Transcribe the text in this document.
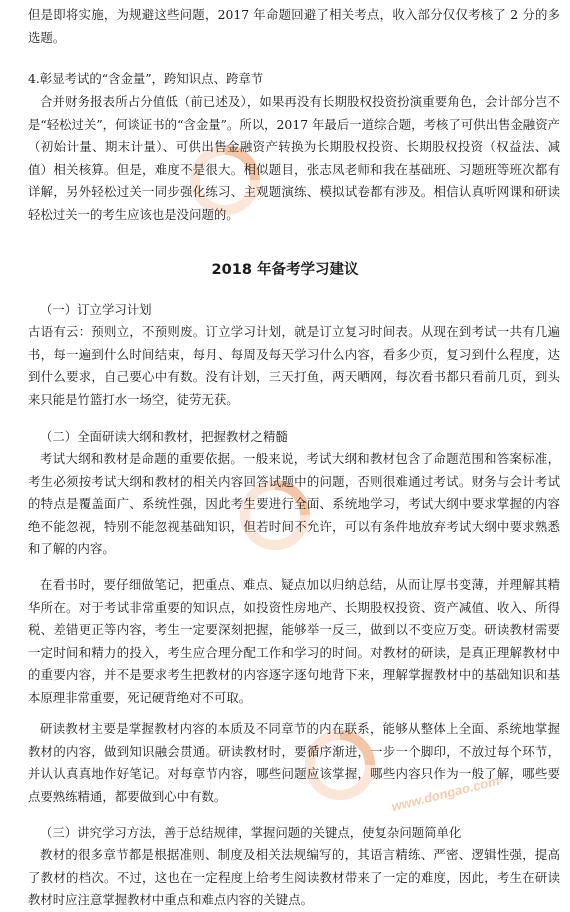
www.dongao.com

但是即将实施，为规避这些问题，2017 年命题回避了相关考点，收入部分仅仅考核了 2 分的多选题。

4.彰显考试的“含金量”，跨知识点、跨章节

合并财务报表所占分值低（前已述及），如果再没有长期股权投资扮演重要角色，会计部分岂不是“轻松过关”，何谈证书的“含金量”。所以，2017 年最后一道综合题，考核了可供出售金融资产（初始计量、期末计量）、可供出售金融资产转换为长期股权投资、长期股权投资（权益法、减值）相关核算。但是，难度不是很大。相似题目，张志凤老师和我在基础班、习题班等班次都有详解，另外轻松过关一同步强化练习、主观题演练、模拟试卷都有涉及。相信认真听网课和研读轻松过关一的考生应该也是没问题的。

2018 年备考学习建议

（一）订立学习计划

古语有云：预则立，不预则废。订立学习计划，就是订立复习时间表。从现在到考试一共有几遍书，每一遍到什么时间结束，每月、每周及每天学习什么内容，看多少页，复习到什么程度，达到什么要求，自己要心中有数。没有计划，三天打鱼，两天晒网，每次看书都只看前几页，到头来只能是竹篮打水一场空，徒劳无获。

（二）全面研读大纲和教材，把握教材之精髓

考试大纲和教材是命题的重要依据。一般来说，考试大纲和教材包含了命题范围和答案标准，考生必须按考试大纲和教材的相关内容回答试题中的问题，否则很难通过考试。财务与会计考试的特点是覆盖面广、系统性强，因此考生要进行全面、系统地学习，考试大纲中要求掌握的内容绝不能忽视，特别不能忽视基础知识，但若时间不允许，可以有条件地放弃考试大纲中要求熟悉和了解的内容。

在看书时，要仔细做笔记，把重点、难点、疑点加以归纳总结，从而让厚书变薄，并理解其精华所在。对于考试非常重要的知识点，如投资性房地产、长期股权投资、资产减值、收入、所得税、差错更正等内容，考生一定要深刻把握，能够举一反三，做到以不变应万变。研读教材需要一定时间和精力的投入，考生应合理分配工作和学习的时间。对教材的研读，是真正理解教材中的重要内容，并不是要求考生把教材的内容逐字逐句地背下来，理解掌握教材中的基础知识和基本原理非常重要，死记硬背绝对不可取。

研读教材主要是掌握教材内容的本质及不同章节的内在联系，能够从整体上全面、系统地掌握教材的内容，做到知识融会贯通。研读教材时，要循序渐进，一步一个脚印，不放过每个环节，并认认真真地作好笔记。对每章节内容，哪些问题应该掌握，哪些内容只作为一般了解，哪些要点要熟练精通，都要做到心中有数。

（三）讲究学习方法，善于总结规律，掌握问题的关键点，使复杂问题简单化

教材的很多章节都是根据准则、制度及相关法规编写的，其语言精练、严密、逻辑性强，提高了教材的档次。不过，这也在一定程度上给考生阅读教材带来了一定的难度，因此，考生在研读教材时应注意掌握教材中重点和难点内容的关键点。
